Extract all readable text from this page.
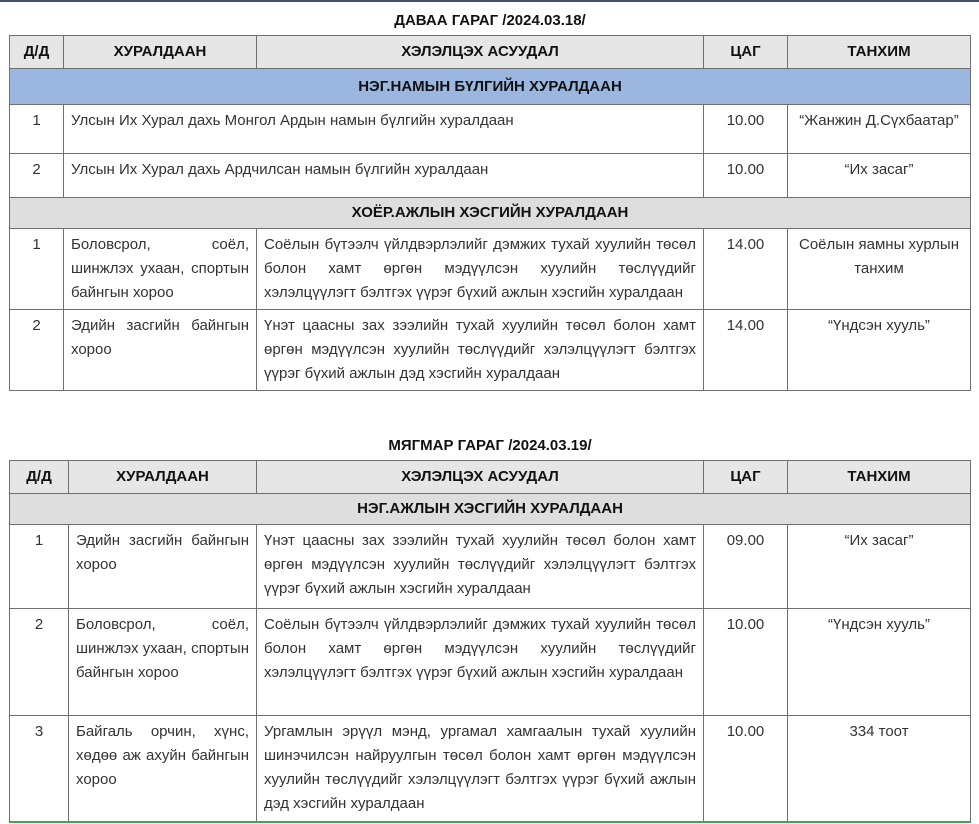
ДАВАА ГАРАГ /2024.03.18/
Д/Д	ХУРАЛДААН	ХЭЛЭЛЦЭХ АСУУДАЛ	ЦАГ	ТАНХИМ
НЭГ.НАМЫН БҮЛГИЙН ХУРАЛДААН				
1	Улсын Их Хурал дахь Монгол Ардын намын бүлгийн хуралдаан		10.00	“Жанжин Д.Сүхбаатар”
2	Улсын Их Хурал дахь Ардчилсан намын бүлгийн хуралдаан		10.00	“Их засаг”
ХОЁР.АЖЛЫН ХЭСГИЙН ХУРАЛДААН				
1	Боловсрол, соёл, шинжлэх ухаан, спортын байнгын хороо	Соёлын бүтээлч үйлдвэрлэлийг дэмжих тухай хуулийн төсөл болон хамт өргөн мэдүүлсэн хуулийн төслүүдийг хэлэлцүүлэгт бэлтгэх үүрэг бүхий ажлын хэсгийн хуралдаан	14.00	Соёлын яамны хурлын танхим
2	Эдийн засгийн байнгын хороо	Үнэт цаасны зах зээлийн тухай хуулийн төсөл болон хамт өргөн мэдүүлсэн хуулийн төслүүдийг хэлэлцүүлэгт бэлтгэх үүрэг бүхий ажлын дэд хэсгийн хуралдаан	14.00	“Үндсэн хууль”
МЯГМАР ГАРАГ /2024.03.19/
Д/Д	ХУРАЛДААН	ХЭЛЭЛЦЭХ АСУУДАЛ	ЦАГ	ТАНХИМ
НЭГ.АЖЛЫН ХЭСГИЙН ХУРАЛДААН				
1	Эдийн засгийн байнгын хороо	Үнэт цаасны зах зээлийн тухай хуулийн төсөл болон хамт өргөн мэдүүлсэн хуулийн төслүүдийг хэлэлцүүлэгт бэлтгэх үүрэг бүхий ажлын хэсгийн хуралдаан	09.00	“Их засаг”
2	Боловсрол, соёл, шинжлэх ухаан, спортын байнгын хороо	Соёлын бүтээлч үйлдвэрлэлийг дэмжих тухай хуулийн төсөл болон хамт өргөн мэдүүлсэн хуулийн төслүүдийг хэлэлцүүлэгт бэлтгэх үүрэг бүхий ажлын хэсгийн хуралдаан	10.00	“Үндсэн хууль”
3	Байгаль орчин, хүнс, хөдөө аж ахуйн байнгын хороо	Ургамлын эрүүл мэнд, ургамал хамгаалын тухай хуулийн шинэчилсэн найруулгын төсөл болон хамт өргөн мэдүүлсэн хуулийн төслүүдийг хэлэлцүүлэгт бэлтгэх үүрэг бүхий ажлын дэд хэсгийн хуралдаан	10.00	334 тоот
